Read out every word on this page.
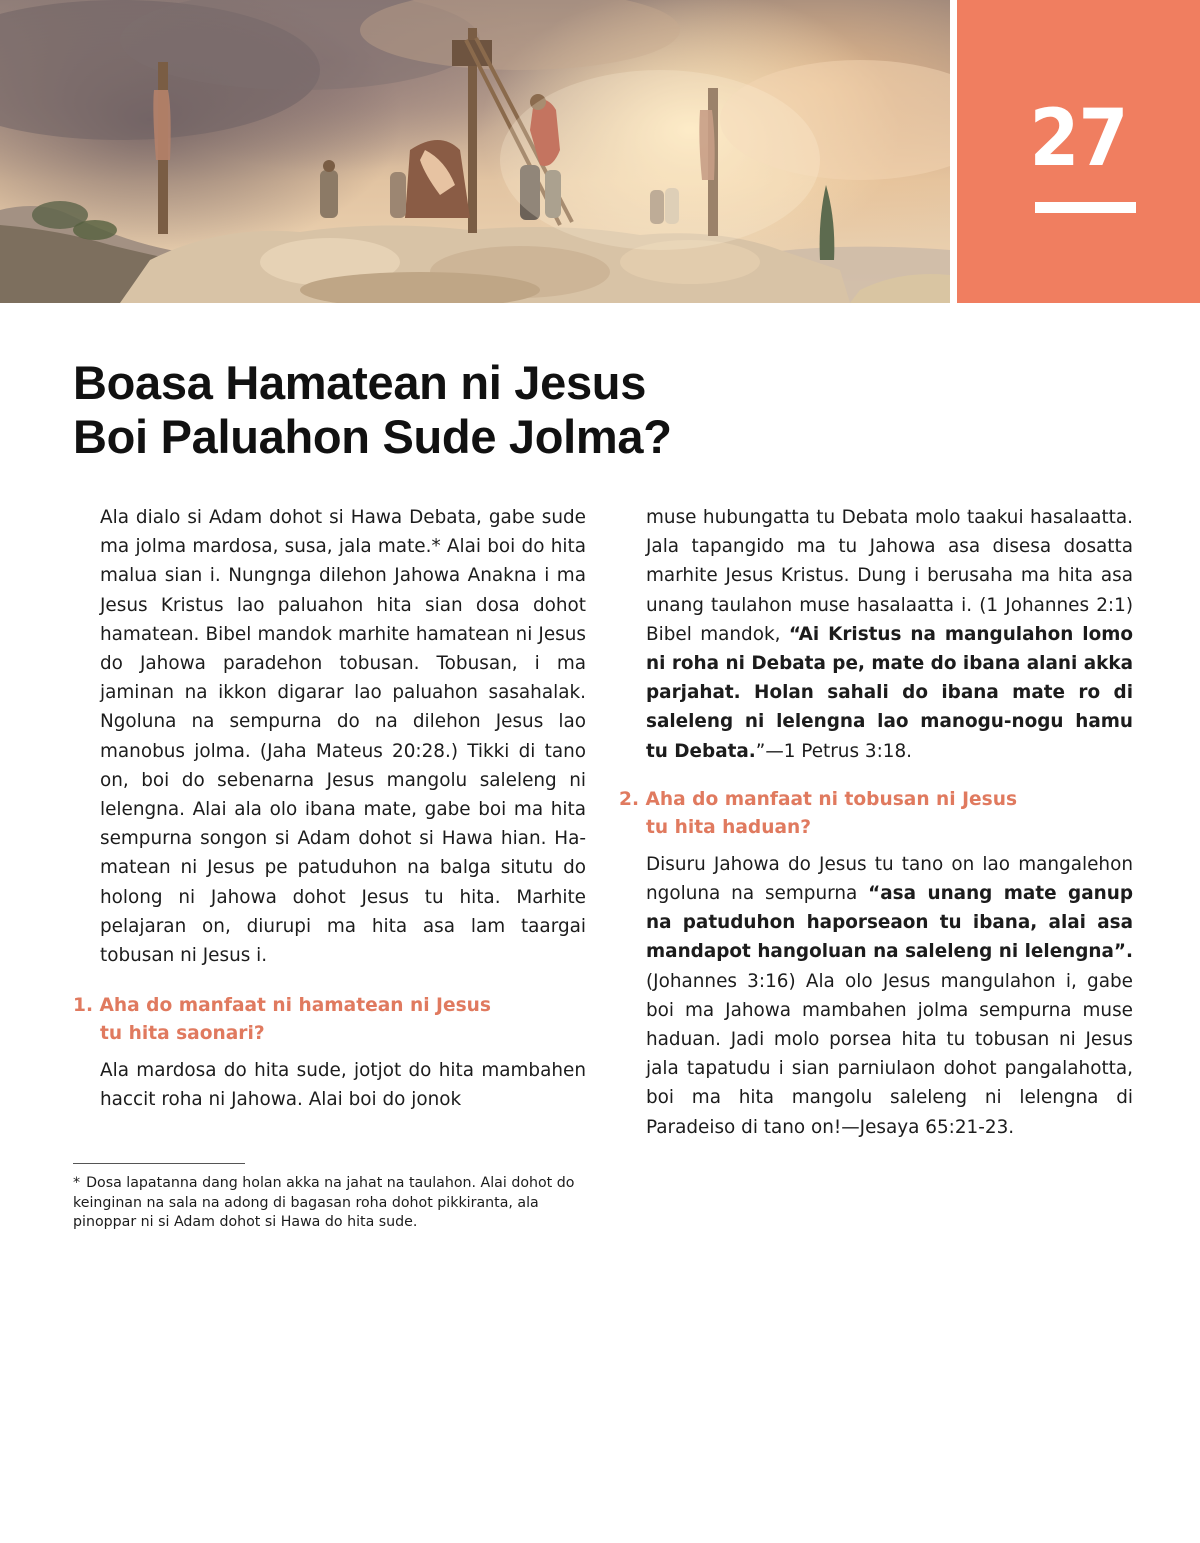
27
Boasa Hamatean ni Jesus
Boi Paluahon Sude Jolma?

Ala dialo si Adam dohot si Hawa Debata, gabe sude ma jolma mardosa, susa, jala mate.* Alai boi do hita malua sian i. Nungnga dilehon Jahowa Anakna i ma Jesus Kristus lao paluahon hita sian dosa dohot hamatean. Bibel mandok marhite hamatean ni Jesus do Jahowa paradehon tobusan. Tobusan, i ma jaminan na ikkon digarar lao paluahon sasahalak. Ngoluna na sempurna do na dilehon Jesus lao manobus jolma. (Jaha Mateus 20:28.) Tikki di tano on, boi do sebenarna Jesus mangolu saleleng ni lelengna. Alai ala olo ibana mate, gabe boi ma hita sempurna songon si Adam dohot si Hawa hian. Hamatean ni Jesus pe patuduhon na balga situtu do holong ni Jahowa dohot Jesus tu hita. Marhite pelajaran on, diurupi ma hita asa lam taargai tobusan ni Jesus i.

1. Aha do manfaat ni hamatean ni Jesus
tu hita saonari?

Ala mardosa do hita sude, jotjot do hita mambahen haccit roha ni Jahowa. Alai boi do jonok

* Dosa lapatanna dang holan akka na jahat na taulahon. Alai dohot do keinginan na sala na adong di bagasan roha dohot pikkiranta, ala pinoppar ni si Adam dohot si Hawa do hita sude.

muse hubungatta tu Debata molo taakui hasalaatta. Jala tapangido ma tu Jahowa asa disesa dosatta marhite Jesus Kristus. Dung i berusaha ma hita asa unang taulahon muse hasalaatta i. (1 Johannes 2:1) Bibel mandok, “Ai Kristus na mangulahon lomo ni roha ni Debata pe, mate do ibana alani akka parjahat. Holan sahali do ibana mate ro di saleleng ni lelengna lao manogu-nogu hamu tu Debata.”—1 Petrus 3:18.

2. Aha do manfaat ni tobusan ni Jesus
tu hita haduan?

Disuru Jahowa do Jesus tu tano on lao mangalehon ngoluna na sempurna “asa unang mate ganup na patuduhon haporseaon tu ibana, alai asa mandapot hangoluan na saleleng ni lelengna”. (Johannes 3:16) Ala olo Jesus mangulahon i, gabe boi ma Jahowa mambahen jolma sempurna muse haduan. Jadi molo porsea hita tu tobusan ni Jesus jala tapatudu i sian parniulaon dohot pangalahotta, boi ma hita mangolu saleleng ni lelengna di Paradeiso di tano on!—Jesaya 65:21-23.
